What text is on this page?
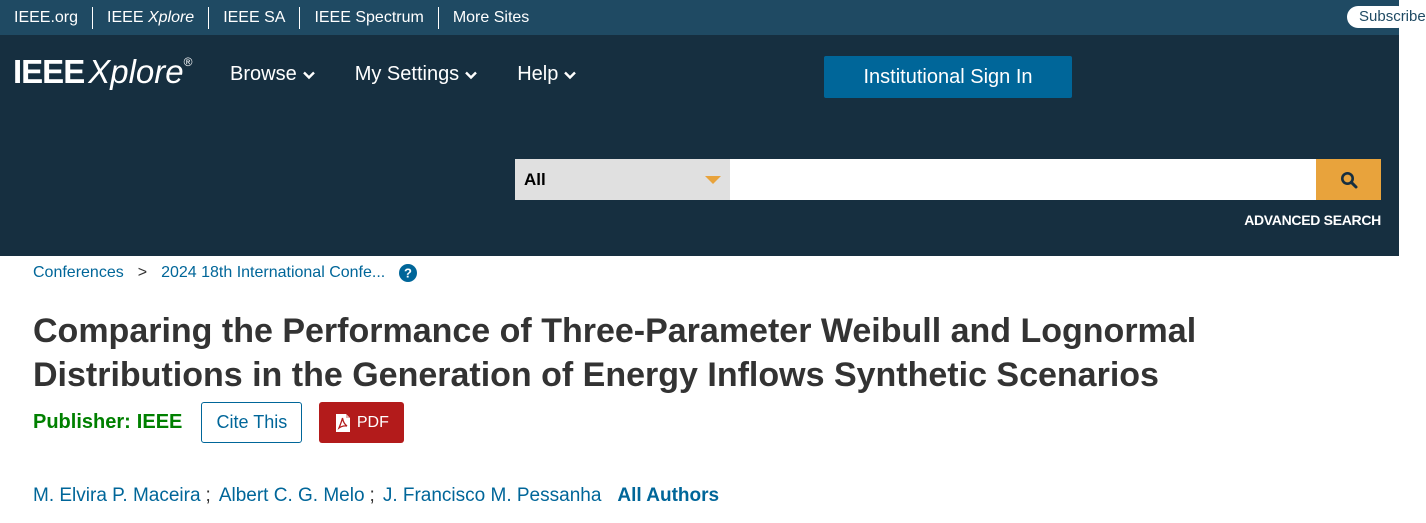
IEEE.org	IEEE Xplore	IEEE SA	IEEE Spectrum	More Sites	Subscribe
IEEE Xplore®
Browse	My Settings	Help	Institutional Sign In
All
ADVANCED SEARCH
Conferences > 2024 18th International Confe... ?
Comparing the Performance of Three-Parameter Weibull and Lognormal Distributions in the Generation of Energy Inflows Synthetic Scenarios
Publisher: IEEE	Cite This	PDF
M. Elvira P. Maceira ; Albert C. G. Melo ; J. Francisco M. Pessanha All Authors
